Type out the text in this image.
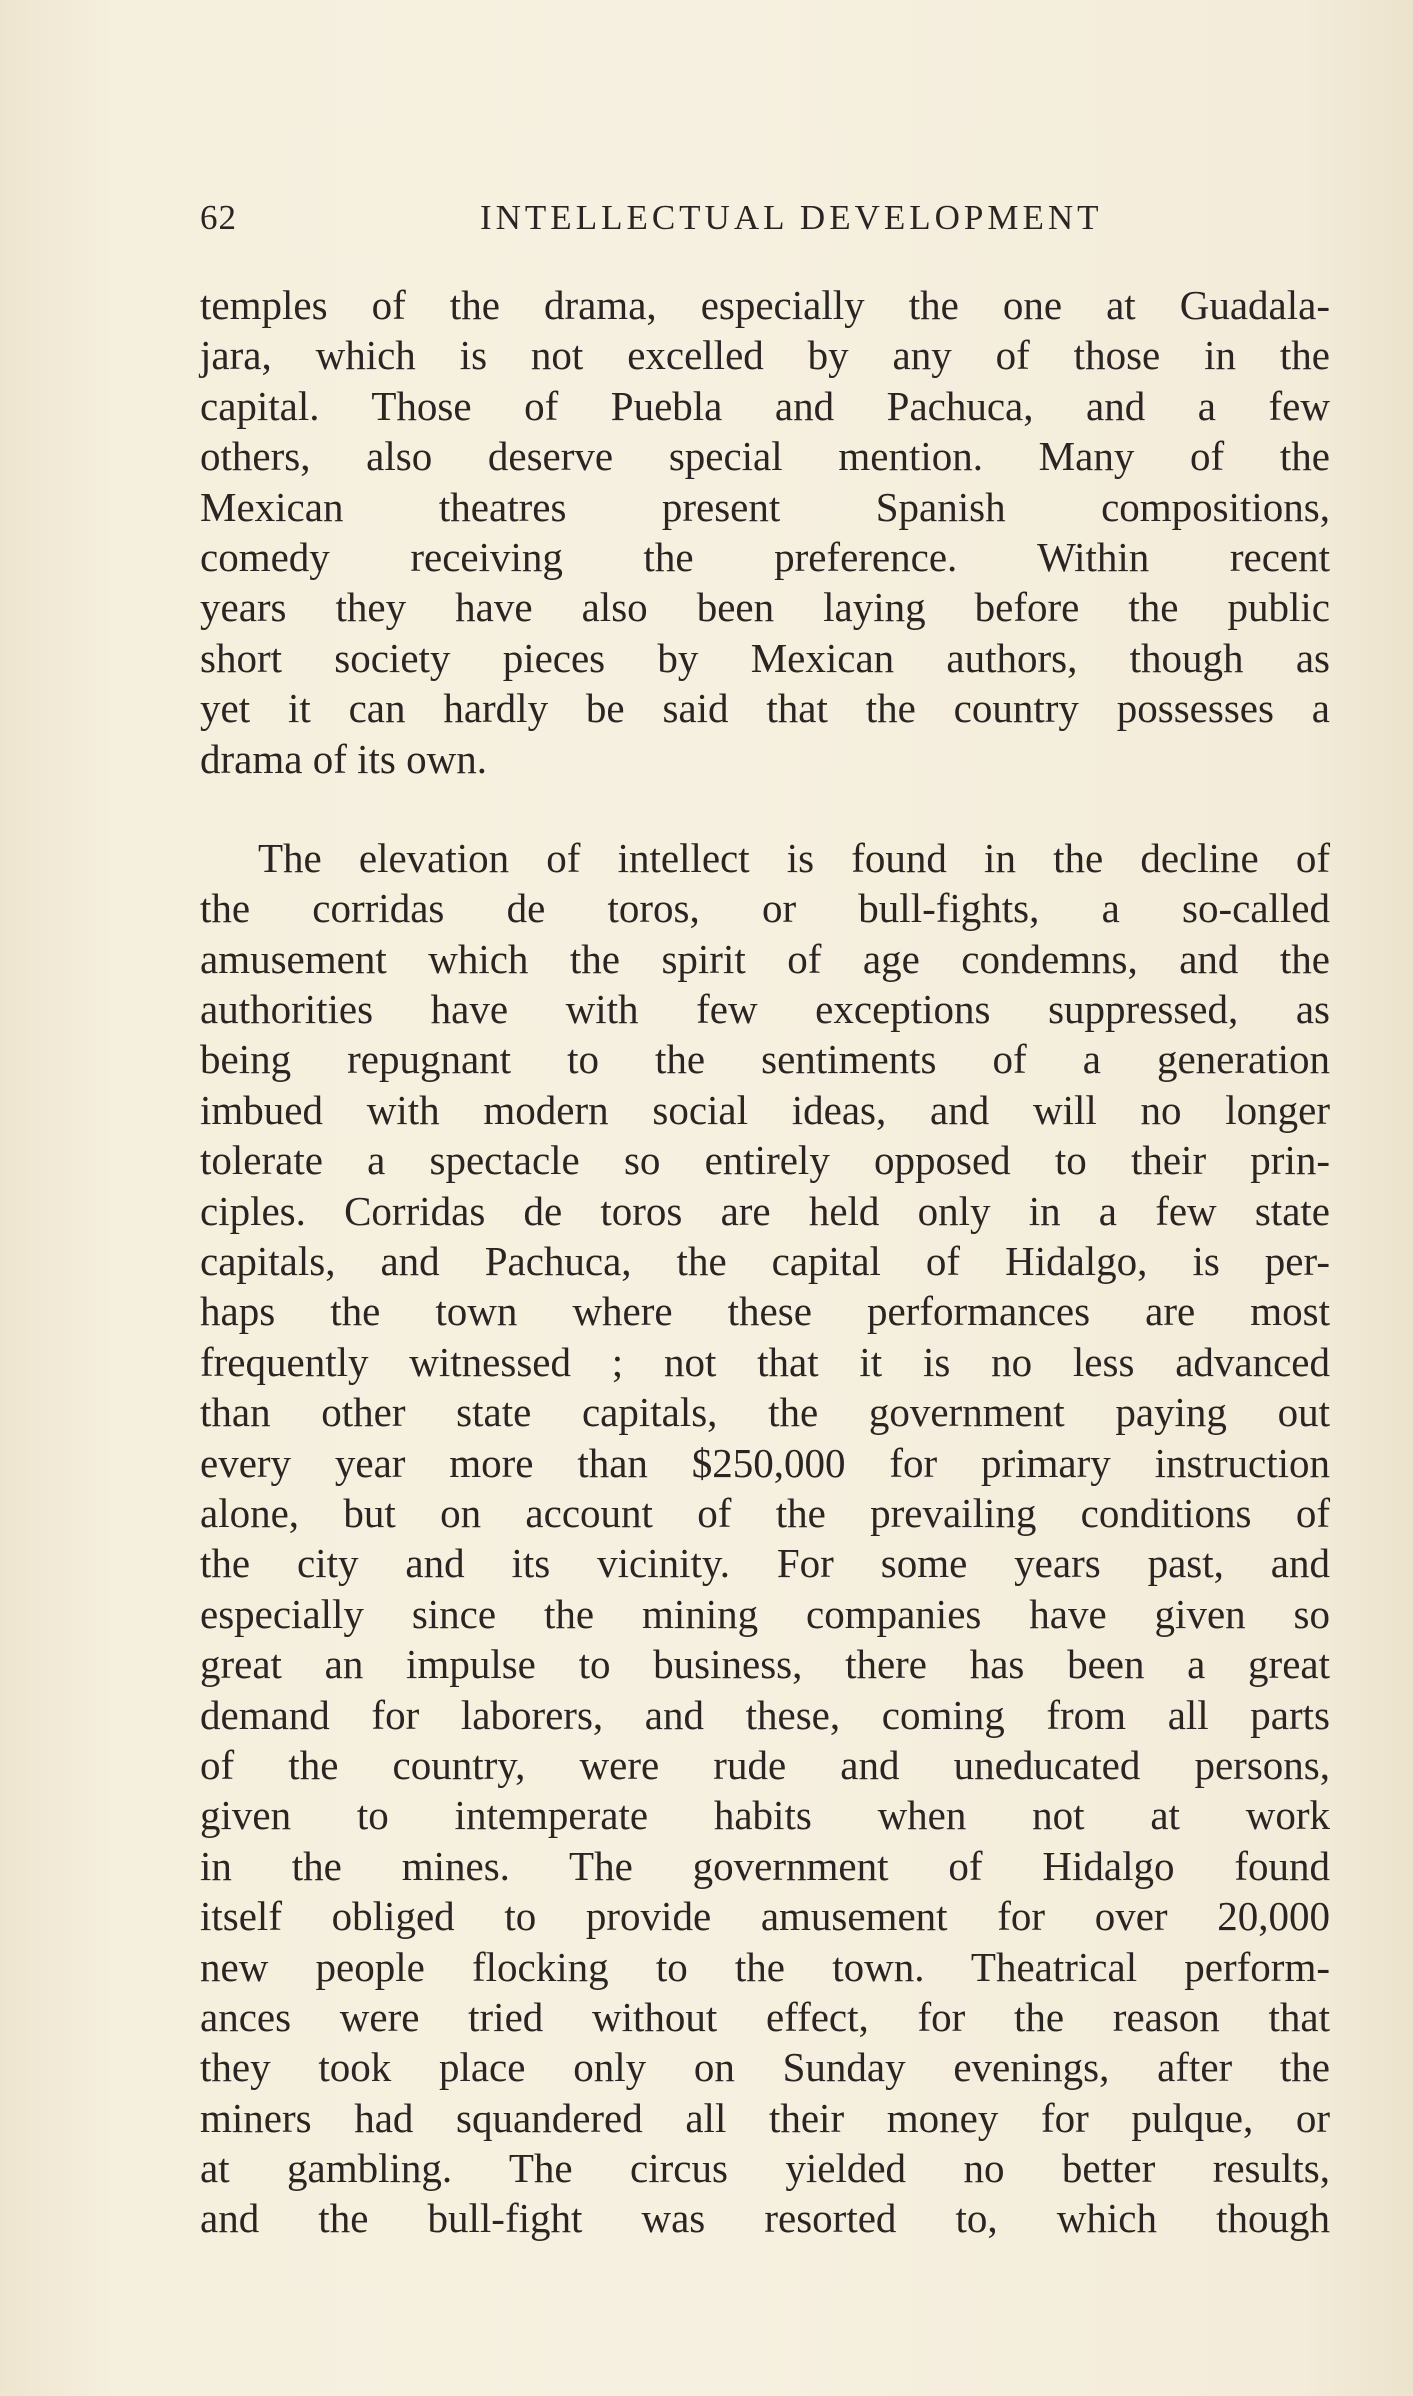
62	INTELLECTUAL DEVELOPMENT
temples of the drama, especially the one at Guadala-
jara, which is not excelled by any of those in the
capital. Those of Puebla and Pachuca, and a few
others, also deserve special mention. Many of the
Mexican theatres present Spanish compositions,
comedy receiving the preference. Within recent
years they have also been laying before the public
short society pieces by Mexican authors, though as
yet it can hardly be said that the country possesses a
drama of its own.
The elevation of intellect is found in the decline of
the corridas de toros, or bull-fights, a so-called
amusement which the spirit of age condemns, and the
authorities have with few exceptions suppressed, as
being repugnant to the sentiments of a generation
imbued with modern social ideas, and will no longer
tolerate a spectacle so entirely opposed to their prin-
ciples. Corridas de toros are held only in a few state
capitals, and Pachuca, the capital of Hidalgo, is per-
haps the town where these performances are most
frequently witnessed ; not that it is no less advanced
than other state capitals, the government paying out
every year more than $250,000 for primary instruction
alone, but on account of the prevailing conditions of
the city and its vicinity. For some years past, and
especially since the mining companies have given so
great an impulse to business, there has been a great
demand for laborers, and these, coming from all parts
of the country, were rude and uneducated persons,
given to intemperate habits when not at work
in the mines. The government of Hidalgo found
itself obliged to provide amusement for over 20,000
new people flocking to the town. Theatrical perform-
ances were tried without effect, for the reason that
they took place only on Sunday evenings, after the
miners had squandered all their money for pulque, or
at gambling. The circus yielded no better results,
and the bull-fight was resorted to, which though
